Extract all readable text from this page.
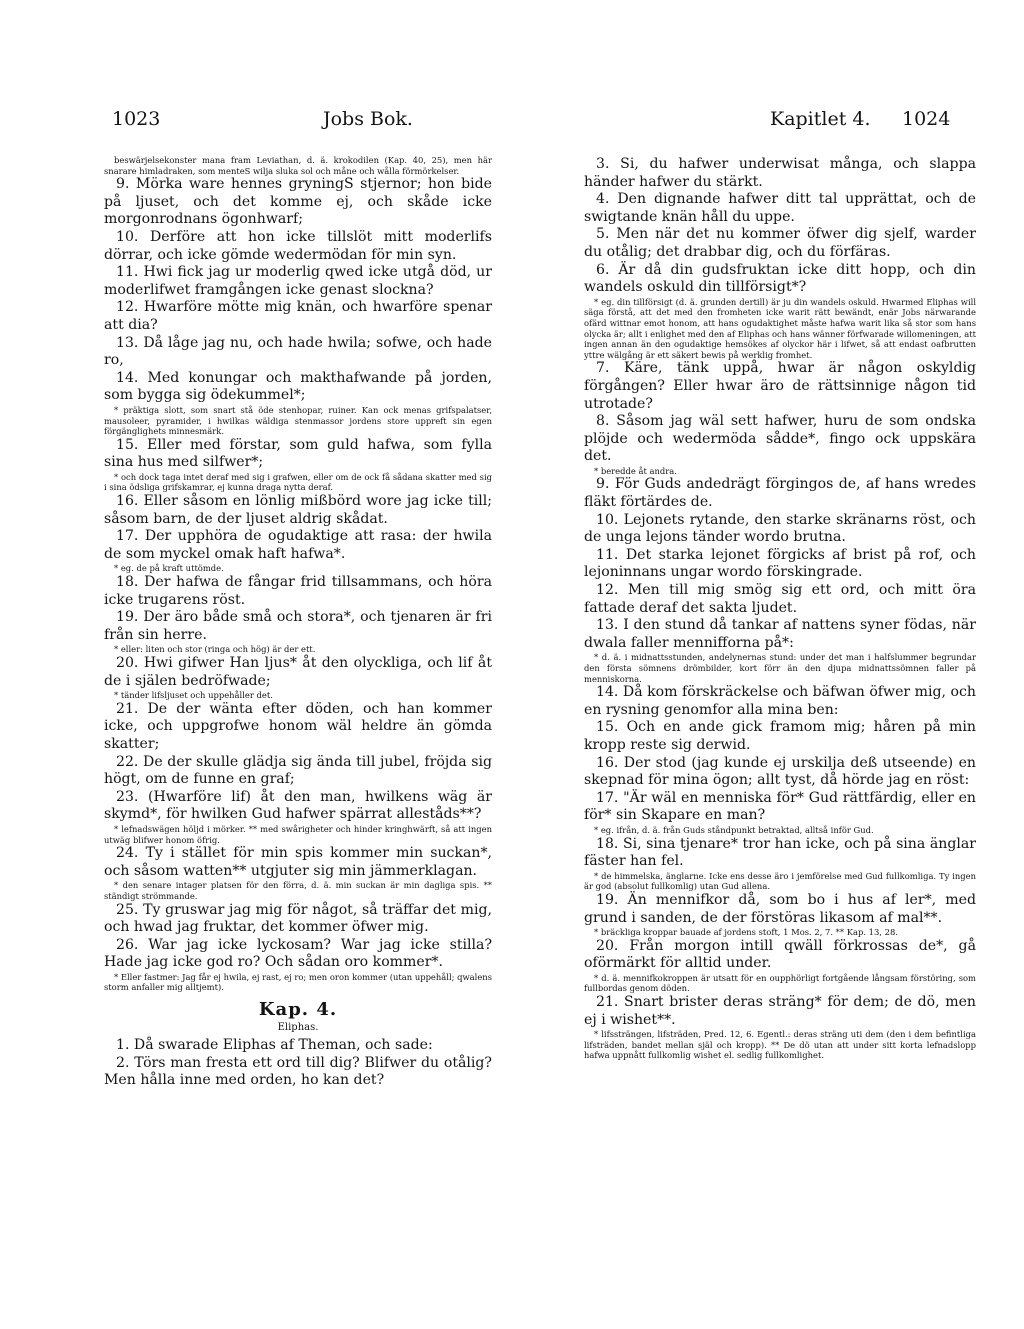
1023	Jobs Bok.	Kapitlet 4. 1024

beswärjelsekonster mana fram Leviathan, d. ä. krokodilen (Kap. 40, 25), men här snarare himladraken, som menteS wilja sluka sol och måne och wålla förmörkelser.

9. Mörka ware hennes gryningS stjernor; hon bide på ljuset, och det komme ej, och skåde icke morgonrodnans ögonhwarf;

10. Derföre att hon icke tillslöt mitt moderlifs dörrar, och icke gömde wedermödan för min syn.

11. Hwi fick jag ur moderlig qwed icke utgå död, ur moderlifwet framgången icke genast slockna?

12. Hwarföre mötte mig knän, och hwarföre spenar att dia?

13. Då låge jag nu, och hade hwila; sofwe, och hade ro,

14. Med konungar och makthafwande på jorden, som bygga sig ödekummel*;

* präktiga slott, som snart stå öde stenhopar, ruiner. Kan ock menas grifspalatser, mausoleer, pyramider, i hwilkas wäldiga stenmassor jordens store uppreft sin egen förgänglighets minnesmärk.

15. Eller med förstar, som guld hafwa, som fylla sina hus med silfwer*;

* och dock taga intet deraf med sig i grafwen, eller om de ock få sådana skatter med sig i sina ödsliga grifskamrar, ej kunna draga nytta deraf.

16. Eller såsom en lönlig mißbörd wore jag icke till; såsom barn, de der ljuset aldrig skådat.

17. Der upphöra de ogudaktige att rasa: der hwila de som myckel omak haft hafwa*.

* eg. de på kraft uttömde.

18. Der hafwa de fångar frid tillsammans, och höra icke trugarens röst.

19. Der äro både små och stora*, och tjenaren är fri från sin herre.

* eller: liten och stor (ringa och hög) är der ett.

20. Hwi gifwer Han ljus* åt den olyckliga, och lif åt de i själen bedröfwade;

* tänder lifsljuset och uppehåller det.

21. De der wänta efter döden, och han kommer icke, och uppgrofwe honom wäl heldre än gömda skatter;

22. De der skulle glädja sig ända till jubel, fröjda sig högt, om de funne en graf;

23. (Hwarföre lif) åt den man, hwilkens wäg är skymd*, för hwilken Gud hafwer spärrat alleståds**?

* lefnadswägen höljd i mörker. ** med swårigheter och hinder kringhwärft, så att ingen utwäg blifwer honom öfrig.

24. Ty i stället för min spis kommer min suckan*, och såsom watten** utgjuter sig min jämmerklagan.

* den senare intager platsen för den förra, d. ä. min suckan är min dagliga spis. ** ständigt strömmande.

25. Ty gruswar jag mig för något, så träffar det mig, och hwad jag fruktar, det kommer öfwer mig.

26. War jag icke lyckosam? War jag icke stilla? Hade jag icke god ro? Och sådan oro kommer*.

* Eller fastmer: Jag får ej hwila, ej rast, ej ro; men oron kommer (utan uppehåll; qwalens storm anfaller mig alltjemt).

Kap. 4.

Eliphas.

1. Då swarade Eliphas af Theman, och sade:

2. Törs man fresta ett ord till dig? Blifwer du otålig? Men hålla inne med orden, ho kan det?

3. Si, du hafwer underwisat många, och slappa händer hafwer du stärkt.

4. Den dignande hafwer ditt tal upprättat, och de swigtande knän håll du uppe.

5. Men när det nu kommer öfwer dig sjelf, warder du otålig; det drabbar dig, och du förfäras.

6. Är då din gudsfruktan icke ditt hopp, och din wandels oskuld din tillförsigt*?

* eg. din tillförsigt (d. ä. grunden dertill) är ju din wandels oskuld. Hwarmed Eliphas will säga förstå, att det med den fromheten icke warit rätt bewändt, enär Jobs närwarande ofärd wittnar emot honom, att hans ogudaktighet måste hafwa warit lika så stor som hans olycka är; allt i enlighet med den af Eliphas och hans wänner förfwarade willomeningen, att ingen annan än den ogudaktige hemsökes af olyckor här i lifwet, så att endast oafbrutten yttre wälgång är ett säkert bewis på werklig fromhet.

7. Käre, tänk uppå, hwar är någon oskyldig förgången? Eller hwar äro de rättsinnige någon tid utrotade?

8. Såsom jag wäl sett hafwer, huru de som ondska plöjde och wedermöda sådde*, fingo ock uppskära det.

* beredde åt andra.

9. För Guds andedrägt förgingos de, af hans wredes fläkt förtärdes de.

10. Lejonets rytande, den starke skränarns röst, och de unga lejons tänder wordo brutna.

11. Det starka lejonet förgicks af brist på rof, och lejoninnans ungar wordo förskingrade.

12. Men till mig smög sig ett ord, och mitt öra fattade deraf det sakta ljudet.

13. I den stund då tankar af nattens syner födas, när dwala faller mennifforna på*:

* d. ä. i midnattsstunden, andelynernas stund: under det man i halfslummer begrundar den första sömnens drömbilder, kort förr än den djupa midnattssömnen faller på menniskorna.

14. Då kom förskräckelse och bäfwan öfwer mig, och en rysning genomfor alla mina ben:

15. Och en ande gick framom mig; håren på min kropp reste sig derwid.

16. Der stod (jag kunde ej urskilja deß utseende) en skepnad för mina ögon; allt tyst, då hörde jag en röst:

17. "Är wäl en menniska för* Gud rättfärdig, eller en för* sin Skapare en man?

* eg. ifrån, d. ä. från Guds ståndpunkt betraktad, alltså inför Gud.

18. Si, sina tjenare* tror han icke, och på sina änglar fäster han fel.

* de himmelska, änglarne. Icke ens desse äro i jemförelse med Gud fullkomliga. Ty ingen är god (absolut fullkomlig) utan Gud allena.

19. Än mennifkor då, som bo i hus af ler*, med grund i sanden, de der förstöras likasom af mal**.

* bräckliga kroppar bauade af jordens stoft, 1 Mos. 2, 7. ** Kap. 13, 28.

20. Från morgon intill qwäll förkrossas de*, gå oförmärkt för alltid under.

* d. ä. mennifkokroppen är utsatt för en oupphörligt fortgående långsam förstöring, som fullbordas genom döden.

21. Snart brister deras sträng* för dem; de dö, men ej i wishet**.

* lifssträngen, lifsträden, Pred. 12, 6. Egentl.: deras sträng uti dem (den i dem befintliga lifsträden, bandet mellan själ och kropp). ** De dö utan att under sitt korta lefnadslopp hafwa uppnått fullkomlig wishet el. sedlig fullkomlighet.
